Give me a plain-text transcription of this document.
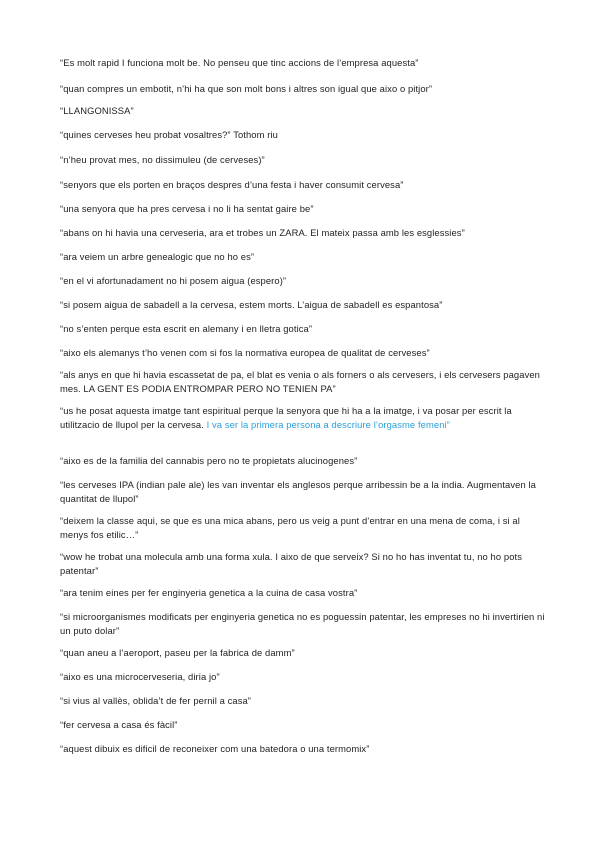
“Es molt rapid I funciona molt be. No penseu que tinc accions de l’empresa aquesta”

“quan compres un embotit, n’hi ha que son molt bons i altres son igual que aixo o pitjor”

“LLANGONISSA”

“quines cerveses heu probat vosaltres?” Tothom riu

“n’heu provat mes, no dissimuleu (de cerveses)”

“senyors que els porten en braços despres d’una festa i haver consumit cervesa”

“una senyora que ha pres cervesa i no li ha sentat gaire be”

“abans on hi havia una cerveseria, ara et trobes un ZARA. El mateix passa amb les esglessies”

“ara veiem un arbre genealogic que no ho es”

“en el vi afortunadament no hi posem aigua (espero)”

“si posem aigua de sabadell a la cervesa, estem morts. L’aigua de sabadell es espantosa”

“no s’enten perque esta escrit en alemany i en lletra gotica”

“aixo els alemanys t’ho venen com si fos la normativa europea de qualitat de cerveses”

“als anys en que hi havia escassetat de pa, el blat es venia o als forners o als cervesers, i els cervesers pagaven mes. LA GENT ES PODIA ENTROMPAR PERO NO TENIEN PA”

“us he posat aquesta imatge tant espiritual perque la senyora que hi ha a la imatge, i va posar per escrit la utilitzacio de llupol per la cervesa. I va ser la primera persona a descriure l’orgasme femeni”

“aixo es de la familia del cannabis pero no te propietats alucinogenes”

“les cerveses IPA (indian pale ale) les van inventar els anglesos perque arribessin be a la india. Augmentaven la quantitat de llupol”

“deixem la classe aqui, se que es una mica abans, pero us veig a punt d’entrar en una mena de coma, i si al menys fos etilic…”

“wow he trobat una molecula amb una forma xula. I aixo de que serveix? Si no ho has inventat tu, no ho pots patentar”

“ara tenim eines per fer enginyeria genetica a la cuina de casa vostra”

“si microorganismes modificats per enginyeria genetica no es poguessin patentar, les empreses no hi invertirien ni un puto dolar”

“quan aneu a l’aeroport, paseu per la fabrica de damm”

“aixo es una microcerveseria, diria jo”

“si vius al vallès, oblida’t de fer pernil a casa”

“fer cervesa a casa és fàcil”

“aquest dibuix es dificil de reconeixer com una batedora o una termomix”
